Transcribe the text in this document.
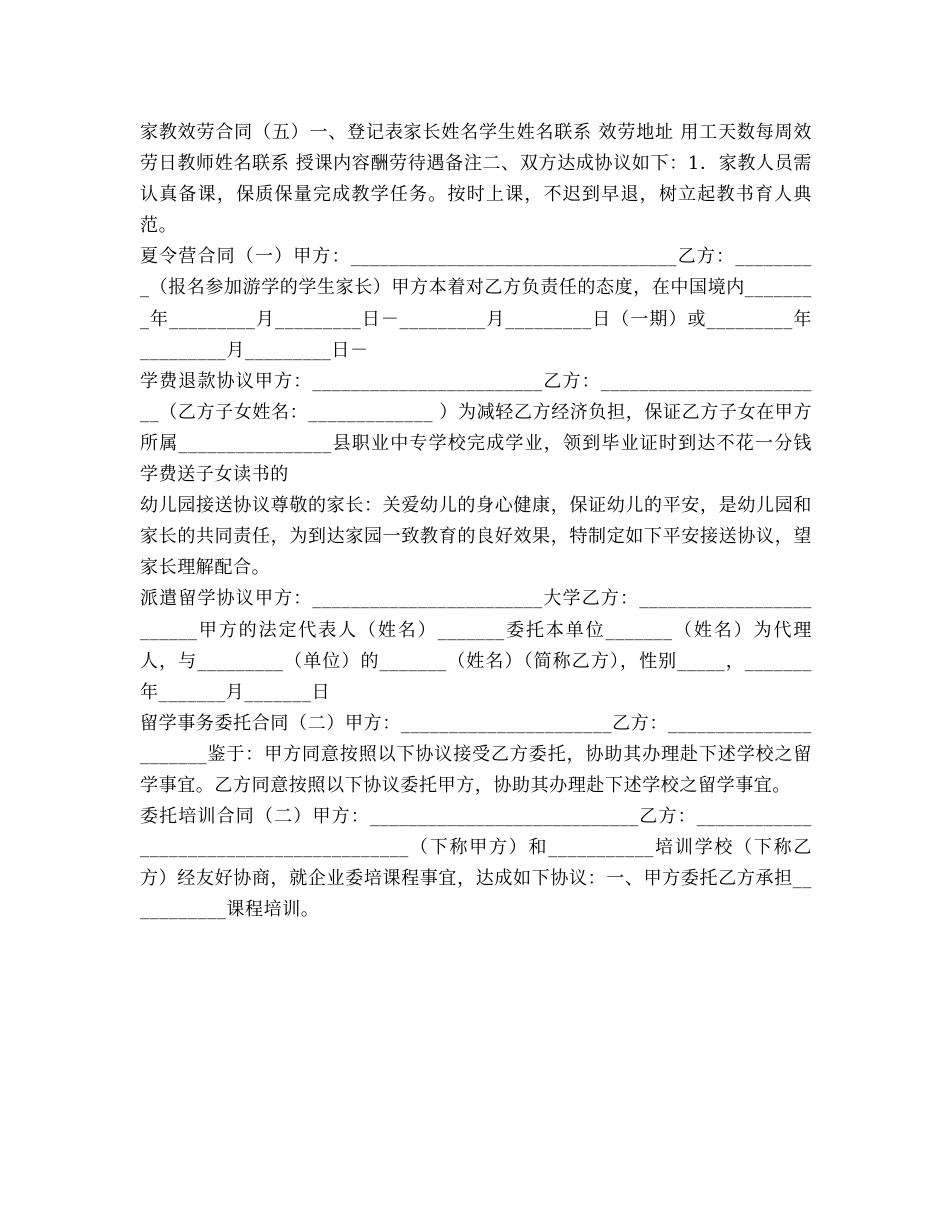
家教效劳合同（五）一、登记表家长姓名学生姓名联系 效劳地址 用工天数每周效劳日教师姓名联系 授课内容酬劳待遇备注二、双方达成协议如下：1．家教人员需认真备课，保质保量完成教学任务。按时上课，不迟到早退，树立起教书育人典范。

夏令营合同（一）甲方：__________________________________乙方：_________（报名参加游学的学生家长）甲方本着对乙方负责任的态度，在中国境内________年_________月_________日－_________月_________日（一期）或_________年_________月_________日－

学费退款协议甲方：________________________乙方：________________________（乙方子女姓名：_____________ ）为减轻乙方经济负担，保证乙方子女在甲方所属________________县职业中专学校完成学业，领到毕业证时到达不花一分钱学费送子女读书的

幼儿园接送协议尊敬的家长：关爱幼儿的身心健康，保证幼儿的平安，是幼儿园和家长的共同责任，为到达家园一致教育的良好效果，特制定如下平安接送协议，望家长理解配合。

派遣留学协议甲方：________________________大学乙方：________________________甲方的法定代表人（姓名）_______委托本单位_______（姓名）为代理人，与_________（单位）的_______（姓名）（简称乙方），性别_____，_______年_______月_______日

留学事务委托合同（二）甲方：______________________乙方：______________________鉴于：甲方同意按照以下协议接受乙方委托，协助其办理赴下述学校之留学事宜。乙方同意按照以下协议委托甲方，协助其办理赴下述学校之留学事宜。

委托培训合同（二）甲方：____________________________乙方：________________________________________（下称甲方）和___________培训学校（下称乙方）经友好协商，就企业委培课程事宜，达成如下协议：一、甲方委托乙方承担___________课程培训。
